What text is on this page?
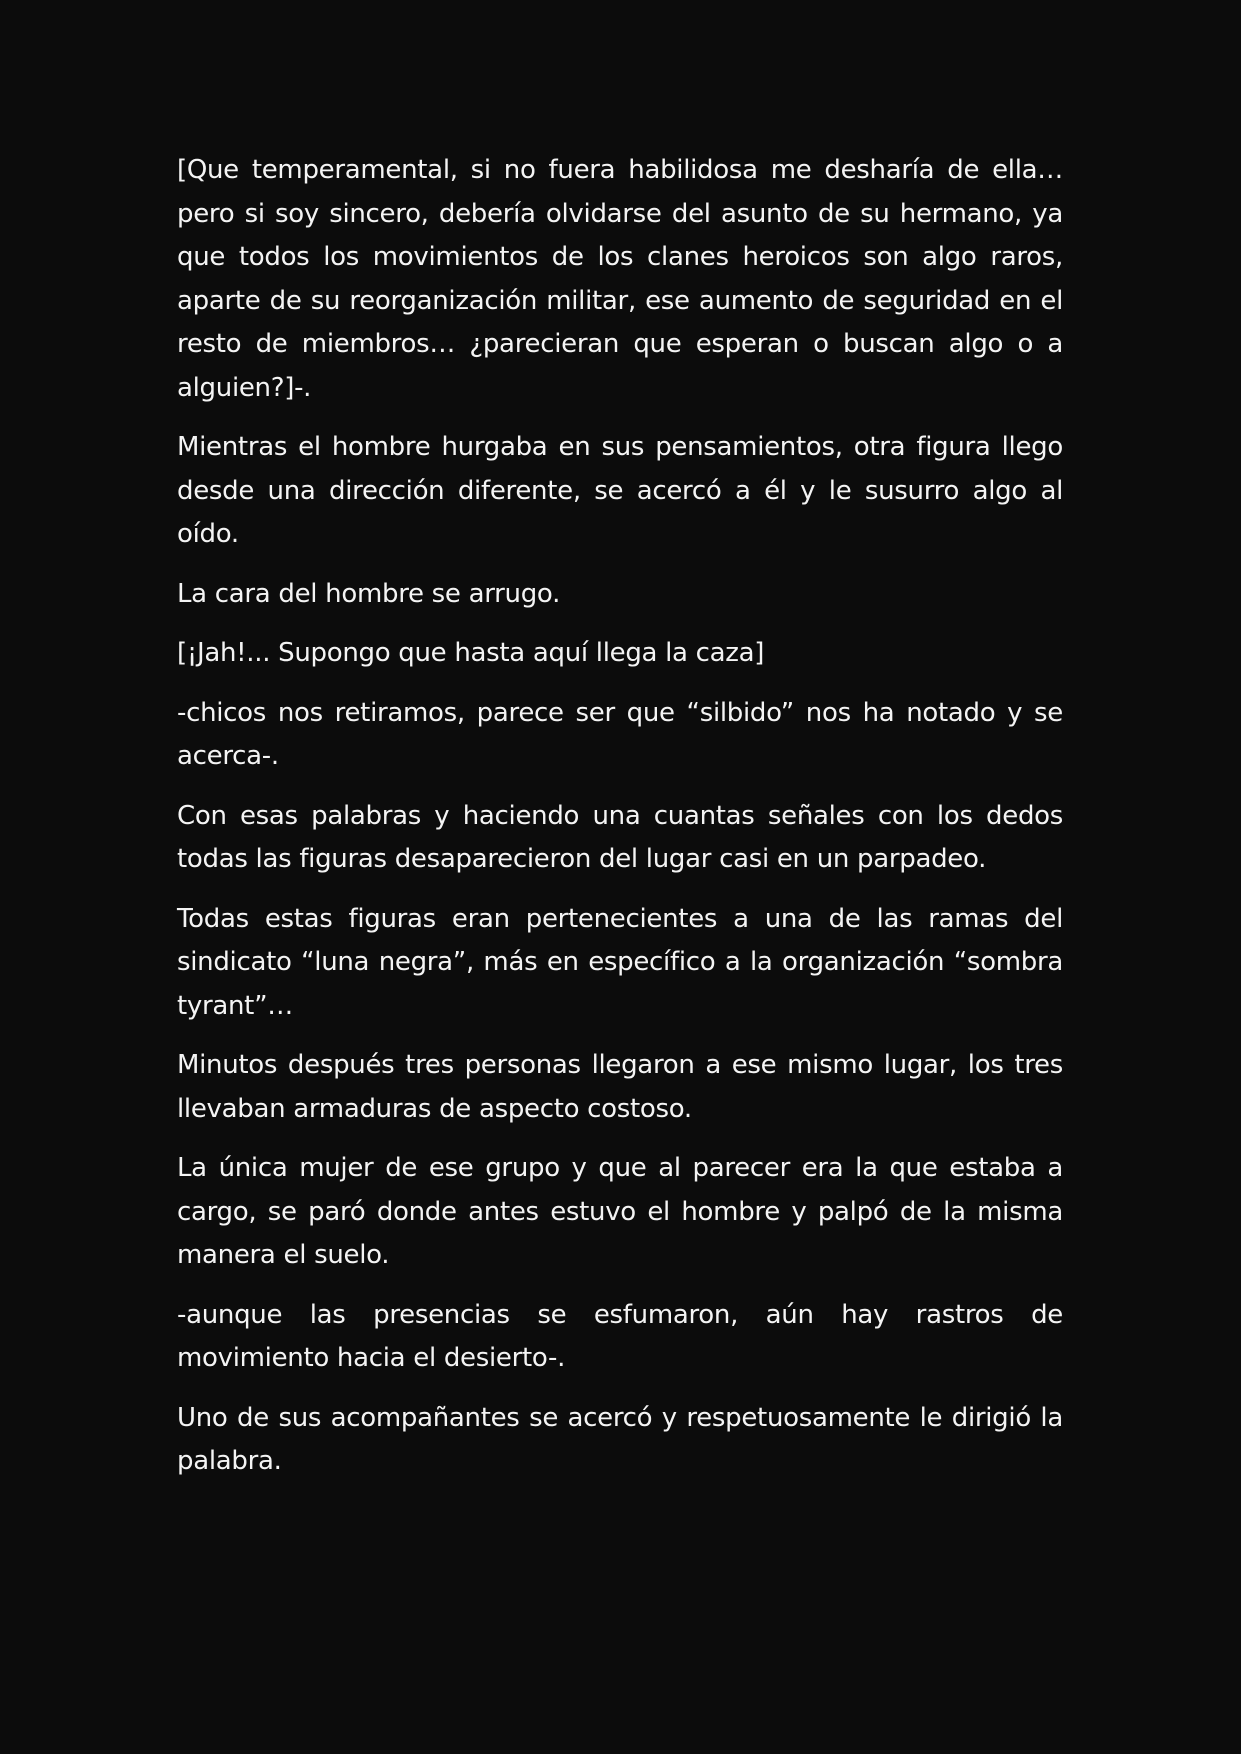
[Que temperamental, si no fuera habilidosa me desharía de ella… pero si soy sincero, debería olvidarse del asunto de su hermano, ya que todos los movimientos de los clanes heroicos son algo raros, aparte de su reorganización militar, ese aumento de seguridad en el resto de miembros… ¿parecieran que esperan o buscan algo o a alguien?]-.

Mientras el hombre hurgaba en sus pensamientos, otra figura llego desde una dirección diferente, se acercó a él y le susurro algo al oído.

La cara del hombre se arrugo.

[¡Jah!... Supongo que hasta aquí llega la caza]

-chicos nos retiramos, parece ser que “silbido” nos ha notado y se acerca-.

Con esas palabras y haciendo una cuantas señales con los dedos todas las figuras desaparecieron del lugar casi en un parpadeo.

Todas estas figuras eran pertenecientes a una de las ramas del sindicato “luna negra”, más en específico a la organización “sombra tyrant”…

Minutos después tres personas llegaron a ese mismo lugar, los tres llevaban armaduras de aspecto costoso.

La única mujer de ese grupo y que al parecer era la que estaba a cargo, se paró donde antes estuvo el hombre y palpó de la misma manera el suelo.

-aunque las presencias se esfumaron, aún hay rastros de movimiento hacia el desierto-.

Uno de sus acompañantes se acercó y respetuosamente le dirigió la palabra.
